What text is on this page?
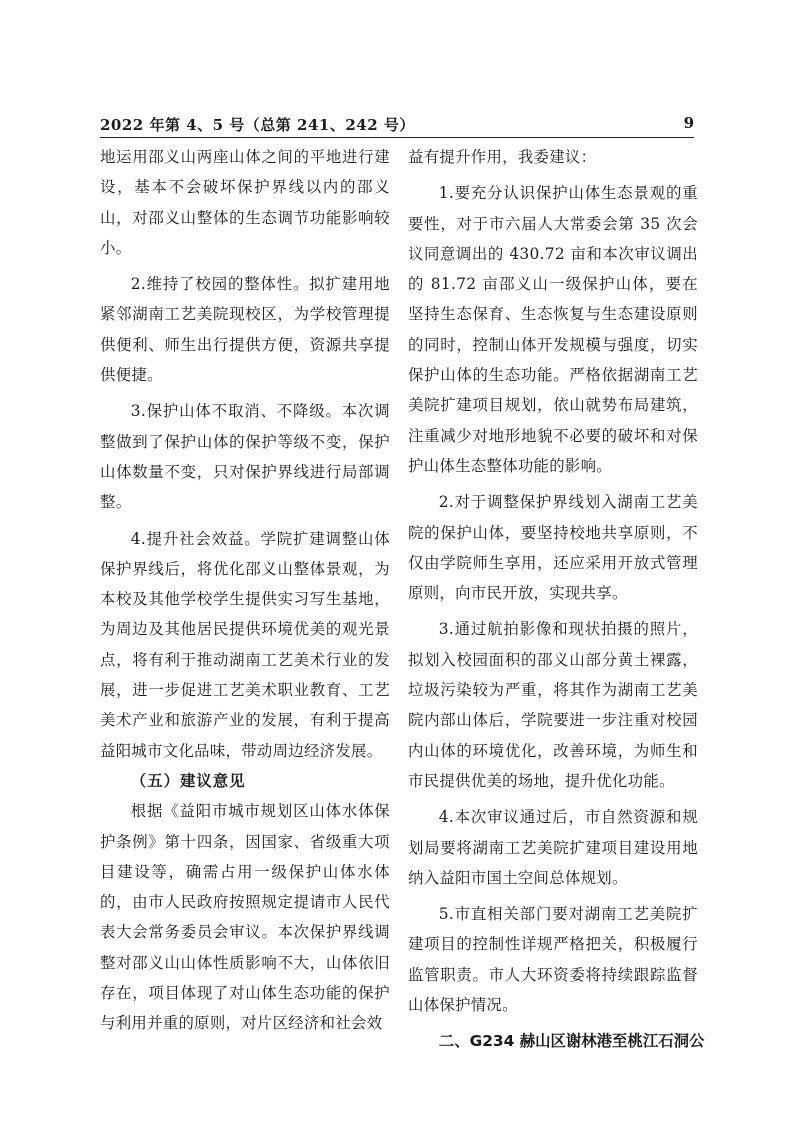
2022 年第 4、5 号（总第 241、242 号）	9

地运用邵义山两座山体之间的平地进行建设，基本不会破坏保护界线以内的邵义山，对邵义山整体的生态调节功能影响较小。

2.维持了校园的整体性。拟扩建用地紧邻湖南工艺美院现校区，为学校管理提供便利、师生出行提供方便，资源共享提供便捷。

3.保护山体不取消、不降级。本次调整做到了保护山体的保护等级不变，保护山体数量不变，只对保护界线进行局部调整。

4.提升社会效益。学院扩建调整山体保护界线后，将优化邵义山整体景观，为本校及其他学校学生提供实习写生基地，为周边及其他居民提供环境优美的观光景点，将有利于推动湖南工艺美术行业的发展，进一步促进工艺美术职业教育、工艺美术产业和旅游产业的发展，有利于提高益阳城市文化品味，带动周边经济发展。

（五）建议意见

根据《益阳市城市规划区山体水体保护条例》第十四条，因国家、省级重大项目建设等，确需占用一级保护山体水体的，由市人民政府按照规定提请市人民代表大会常务委员会审议。本次保护界线调整对邵义山山体性质影响不大，山体依旧存在，项目体现了对山体生态功能的保护与利用并重的原则，对片区经济和社会效

益有提升作用，我委建议：

1.要充分认识保护山体生态景观的重要性，对于市六届人大常委会第 35 次会议同意调出的 430.72 亩和本次审议调出的 81.72 亩邵义山一级保护山体，要在坚持生态保育、生态恢复与生态建设原则的同时，控制山体开发规模与强度，切实保护山体的生态功能。严格依据湖南工艺美院扩建项目规划，依山就势布局建筑，注重减少对地形地貌不必要的破坏和对保护山体生态整体功能的影响。

2.对于调整保护界线划入湖南工艺美院的保护山体，要坚持校地共享原则，不仅由学院师生享用，还应采用开放式管理原则，向市民开放，实现共享。

3.通过航拍影像和现状拍摄的照片，拟划入校园面积的邵义山部分黄土裸露，垃圾污染较为严重，将其作为湖南工艺美院内部山体后，学院要进一步注重对校园内山体的环境优化，改善环境，为师生和市民提供优美的场地，提升优化功能。

4.本次审议通过后，市自然资源和规划局要将湖南工艺美院扩建项目建设用地纳入益阳市国土空间总体规划。

5.市直相关部门要对湖南工艺美院扩建项目的控制性详规严格把关，积极履行监管职责。市人大环资委将持续跟踪监督山体保护情况。

二、G234 赫山区谢林港至桃江石洞公
